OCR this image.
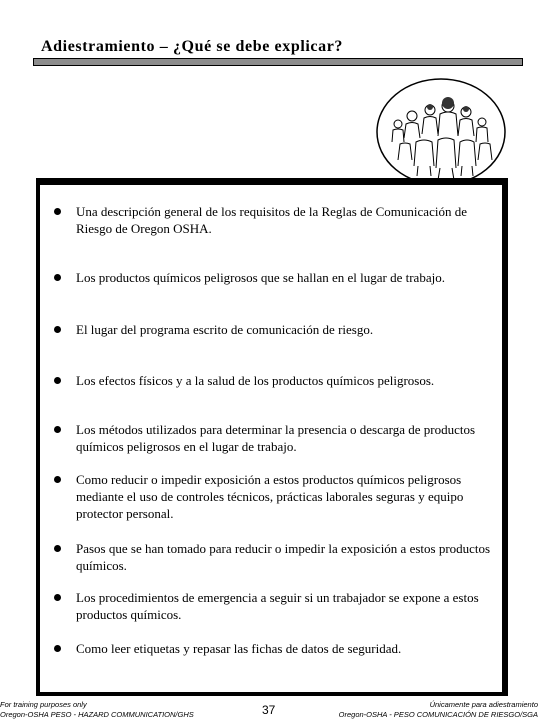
Adiestramiento – ¿Qué se debe explicar?
Una descripción general de los requisitos de la Reglas de Comunicación de Riesgo de Oregon OSHA.
Los productos químicos peligrosos que se hallan en el lugar de trabajo.
El lugar del programa escrito de comunicación de riesgo.
Los efectos físicos y a la salud de los productos químicos peligrosos.
Los métodos utilizados para determinar la presencia o descarga de productos químicos peligrosos en el lugar de trabajo.
Como reducir o impedir exposición a estos productos químicos peligrosos mediante el uso de controles técnicos, prácticas laborales seguras y equipo protector personal.
Pasos que se han tomado para reducir o impedir la exposición a estos productos químicos.
Los procedimientos de emergencia a seguir si un trabajador se expone a estos productos químicos.
Como leer etiquetas y repasar las fichas de datos de seguridad.
For training purposes only
Oregon-OSHA PESO - HAZARD COMMUNICATION/GHS	37	Únicamente para adiestramiento
Oregon-OSHA - PESO COMUNICACIÓN DE RIESGO/SGA
